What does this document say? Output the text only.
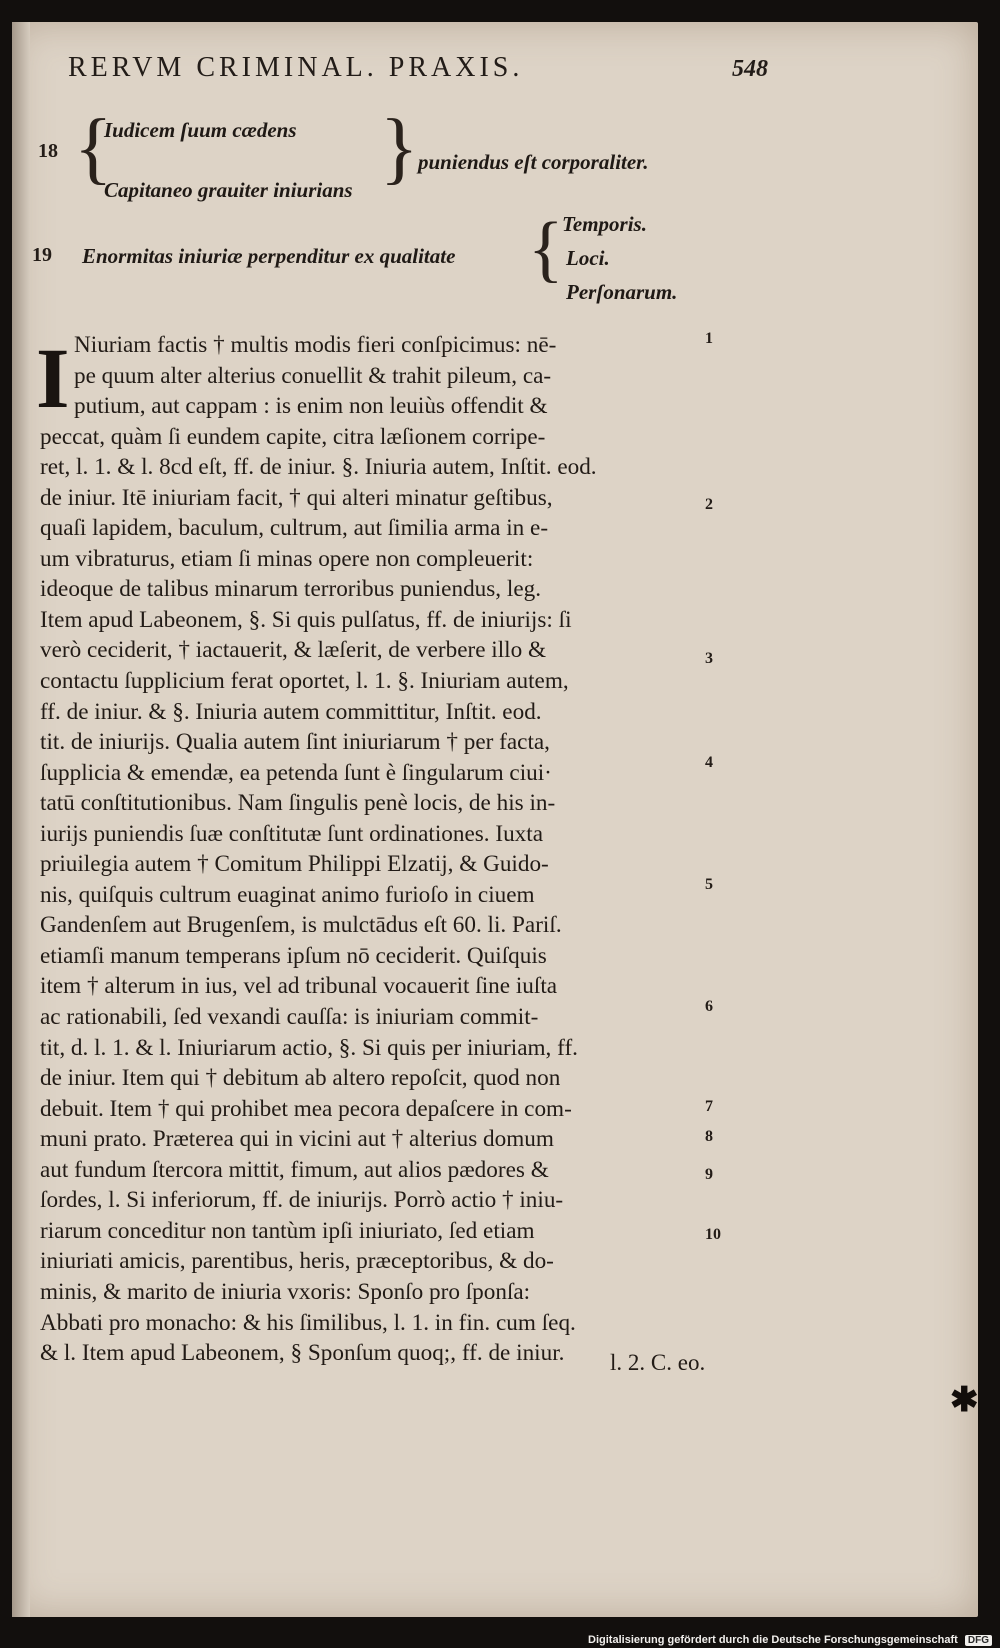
RERVM CRIMINAL. PRAXIS.	548
18 {
Iudicem ſuum cædens
Capitaneo grauiter iniurians } puniendus eſt corporaliter.
19 Enormitas iniuriæ perpenditur ex qualitate {
Temporis.
Loci.
Perſonarum.
I Niuriam factis † multis modis fieri conſpicimus: nē-
pe quum alter alterius conuellit & trahit pileum, ca-
putium, aut cappam : is enim non leuiùs offendit &
peccat, quàm ſi eundem capite, citra læſionem corripe-
ret, l. 1. & l. 8cd eſt, ff. de iniur. §. Iniuria autem, Inſtit. eod.
de iniur. Itē iniuriam facit, † qui alteri minatur geſtibus,
quaſi lapidem, baculum, cultrum, aut ſimilia arma in e-
um vibraturus, etiam ſi minas opere non compleuerit:
ideoque de talibus minarum terroribus puniendus, leg.
Item apud Labeonem, §. Si quis pulſatus, ff. de iniurijs: ſi
verò ceciderit, † iactauerit, & læſerit, de verbere illo &
contactu ſupplicium ferat oportet, l. 1. §. Iniuriam autem,
ff. de iniur. & §. Iniuria autem committitur, Inſtit. eod.
tit. de iniurijs. Qualia autem ſint iniuriarum † per facta,
ſupplicia & emendæ, ea petenda ſunt è ſingularum ciui·
tatū conſtitutionibus. Nam ſingulis penè locis, de his in-
iurijs puniendis ſuæ conſtitutæ ſunt ordinationes. Iuxta
priuilegia autem † Comitum Philippi Elzatij, & Guido-
nis, quiſquis cultrum euaginat animo furioſo in ciuem
Gandenſem aut Brugenſem, is mulctādus eſt 60. li. Pariſ.
etiamſi manum temperans ipſum nō ceciderit. Quiſquis
item † alterum in ius, vel ad tribunal vocauerit ſine iuſta
ac rationabili, ſed vexandi cauſſa: is iniuriam commit-
tit, d. l. 1. & l. Iniuriarum actio, §. Si quis per iniuriam, ff.
de iniur. Item qui † debitum ab altero repoſcit, quod non
debuit. Item † qui prohibet mea pecora depaſcere in com-
muni prato. Præterea qui in vicini aut † alterius domum
aut fundum ſtercora mittit, fimum, aut alios pædores &
ſordes, l. Si inferiorum, ff. de iniurijs. Porrò actio † iniu-
riarum conceditur non tantùm ipſi iniuriato, ſed etiam
iniuriati amicis, parentibus, heris, præceptoribus, & do-
minis, & marito de iniuria vxoris: Sponſo pro ſponſa:
Abbati pro monacho: & his ſimilibus, l. 1. in fin. cum ſeq.
& l. Item apud Labeonem, § Sponſum quoq;, ff. de iniur.
1
2
3
4
5
6
7
8
9
10
l. 2. C. eo.
✱
Digitalisierung gefördert durch die Deutsche Forschungsgemeinschaft DFG
